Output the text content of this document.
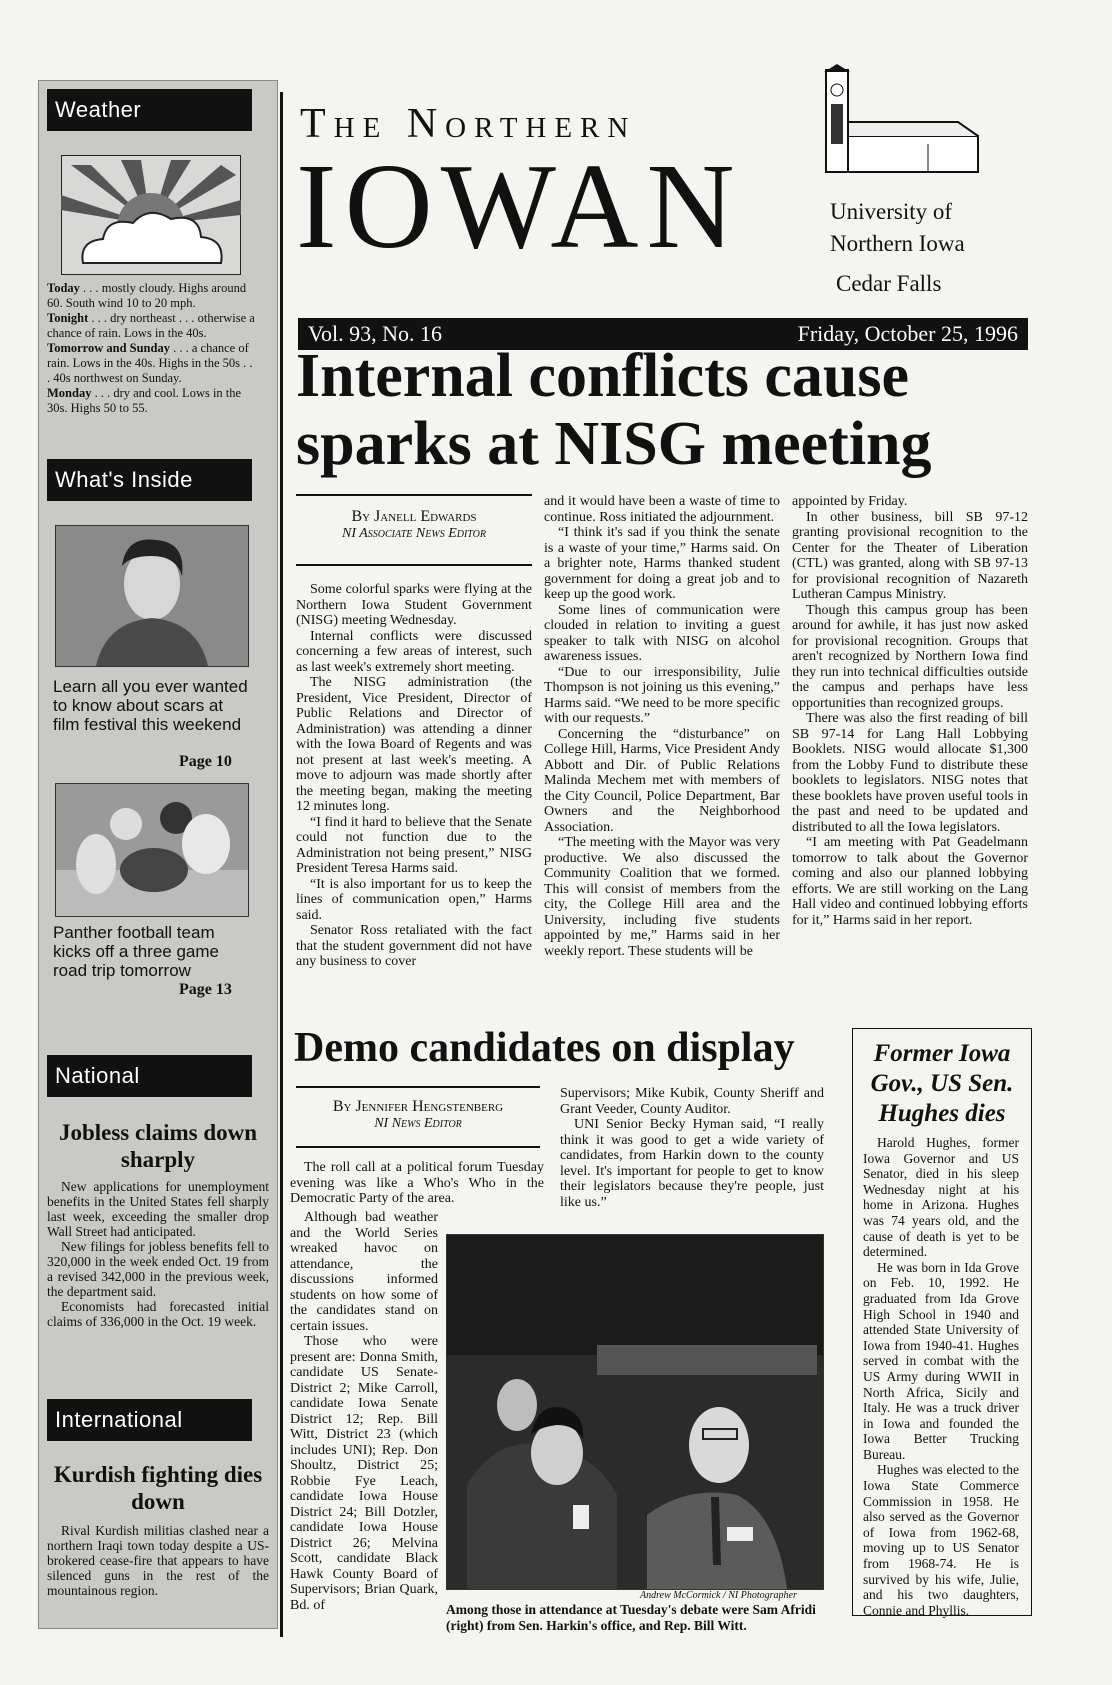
Weather
Today . . . mostly cloudy. Highs around 60. South wind 10 to 20 mph.
Tonight . . . dry northeast . . . otherwise a chance of rain. Lows in the 40s.
Tomorrow and Sunday . . . a chance of rain. Lows in the 40s. Highs in the 50s . . . 40s northwest on Sunday.
Monday . . . dry and cool. Lows in the 30s. Highs 50 to 55.
What's Inside
Learn all you ever wanted to know about scars at film festival this weekend
Page 10
Panther football team kicks off a three game road trip tomorrow
Page 13
National
Jobless claims down sharply

New applications for unemployment benefits in the United States fell sharply last week, exceeding the smaller drop Wall Street had anticipated.

New filings for jobless benefits fell to 320,000 in the week ended Oct. 19 from a revised 342,000 in the previous week, the department said.

Economists had forecasted initial claims of 336,000 in the Oct. 19 week.

International
Kurdish fighting dies down

Rival Kurdish militias clashed near a northern Iraqi town today despite a US-brokered cease-fire that appears to have silenced guns in the rest of the mountainous region.

The Northern
IOWAN	University of
Northern Iowa
Cedar Falls
Vol. 93, No. 16	Friday, October 25, 1996
Internal conflicts cause sparks at NISG meeting
By Janell Edwards
NI Associate News Editor

Some colorful sparks were flying at the Northern Iowa Student Government (NISG) meeting Wednesday.

Internal conflicts were discussed concerning a few areas of interest, such as last week's extremely short meeting.

The NISG administration (the President, Vice President, Director of Public Relations and Director of Administration) was attending a dinner with the Iowa Board of Regents and was not present at last week's meeting. A move to adjourn was made shortly after the meeting began, making the meeting 12 minutes long.

“I find it hard to believe that the Senate could not function due to the Administration not being present,” NISG President Teresa Harms said.

“It is also important for us to keep the lines of communication open,” Harms said.

Senator Ross retaliated with the fact that the student government did not have any business to cover

and it would have been a waste of time to continue. Ross initiated the adjournment.

“I think it's sad if you think the senate is a waste of your time,” Harms said. On a brighter note, Harms thanked student government for doing a great job and to keep up the good work.

Some lines of communication were clouded in relation to inviting a guest speaker to talk with NISG on alcohol awareness issues.

“Due to our irresponsibility, Julie Thompson is not joining us this evening,” Harms said. “We need to be more specific with our requests.”

Concerning the “disturbance” on College Hill, Harms, Vice President Andy Abbott and Dir. of Public Relations Malinda Mechem met with members of the City Council, Police Department, Bar Owners and the Neighborhood Association.

“The meeting with the Mayor was very productive. We also discussed the Community Coalition that we formed. This will consist of members from the city, the College Hill area and the University, including five students appointed by me,” Harms said in her weekly report. These students will be

appointed by Friday.

In other business, bill SB 97-12 granting provisional recognition to the Center for the Theater of Liberation (CTL) was granted, along with SB 97-13 for provisional recognition of Nazareth Lutheran Campus Ministry.

Though this campus group has been around for awhile, it has just now asked for provisional recognition. Groups that aren't recognized by Northern Iowa find they run into technical difficulties outside the campus and perhaps have less opportunities than recognized groups.

There was also the first reading of bill SB 97-14 for Lang Hall Lobbying Booklets. NISG would allocate $1,300 from the Lobby Fund to distribute these booklets to legislators. NISG notes that these booklets have proven useful tools in the past and need to be updated and distributed to all the Iowa legislators.

“I am meeting with Pat Geadelmann tomorrow to talk about the Governor coming and also our planned lobbying efforts. We are still working on the Lang Hall video and continued lobbying efforts for it,” Harms said in her report.

Demo candidates on display
By Jennifer Hengstenberg
NI News Editor

The roll call at a political forum Tuesday evening was like a Who's Who in the Democratic Party of the area.

Although bad weather and the World Series wreaked havoc on attendance, the discussions informed students on how some of the candidates stand on certain issues.

Those who were present are: Donna Smith, candidate US Senate-District 2; Mike Carroll, candidate Iowa Senate District 12; Rep. Bill Witt, District 23 (which includes UNI); Rep. Don Shoultz, District 25; Robbie Fye Leach, candidate Iowa House District 24; Bill Dotzler, candidate Iowa House District 26; Melvina Scott, candidate Black Hawk County Board of Supervisors; Brian Quark, Bd. of

Supervisors; Mike Kubik, County Sheriff and Grant Veeder, County Auditor.

UNI Senior Becky Hyman said, “I really think it was good to get a wide variety of candidates, from Harkin down to the county level. It's important for people to get to know their legislators because they're people, just like us.”

Andrew McCormick / NI Photographer
Among those in attendance at Tuesday's debate were Sam Afridi (right) from Sen. Harkin's office, and Rep. Bill Witt.
Former Iowa Gov., US Sen. Hughes dies

Harold Hughes, former Iowa Governor and US Senator, died in his sleep Wednesday night at his home in Arizona. Hughes was 74 years old, and the cause of death is yet to be determined.

He was born in Ida Grove on Feb. 10, 1992. He graduated from Ida Grove High School in 1940 and attended State University of Iowa from 1940-41. Hughes served in combat with the US Army during WWII in North Africa, Sicily and Italy. He was a truck driver in Iowa and founded the Iowa Better Trucking Bureau.

Hughes was elected to the Iowa State Commerce Commission in 1958. He also served as the Governor of Iowa from 1962-68, moving up to US Senator from 1968-74. He is survived by his wife, Julie, and his two daughters, Connie and Phyllis.
